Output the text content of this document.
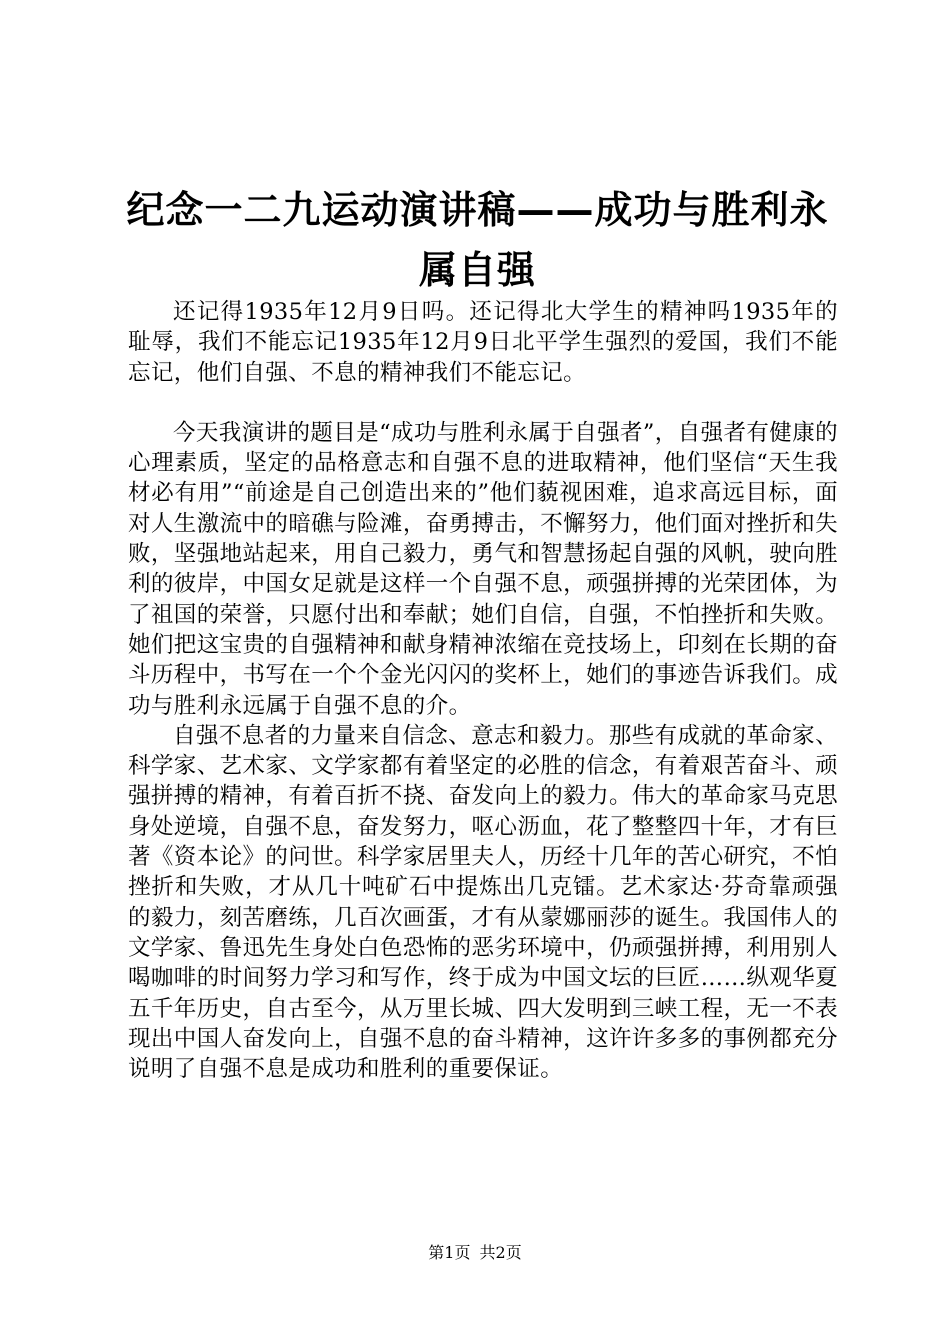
纪念一二九运动演讲稿——成功与胜利永属自强

还记得1935年12月9日吗。还记得北大学生的精神吗1935年的耻辱，我们不能忘记1935年12月9日北平学生强烈的爱国，我们不能忘记，他们自强、不息的精神我们不能忘记。

今天我演讲的题目是“成功与胜利永属于自强者”，自强者有健康的心理素质，坚定的品格意志和自强不息的进取精神，他们坚信“天生我材必有用”“前途是自己创造出来的”他们藐视困难，追求高远目标，面对人生激流中的暗礁与险滩，奋勇搏击，不懈努力，他们面对挫折和失败，坚强地站起来，用自己毅力，勇气和智慧扬起自强的风帆，驶向胜利的彼岸，中国女足就是这样一个自强不息，顽强拼搏的光荣团体，为了祖国的荣誉，只愿付出和奉献；她们自信，自强，不怕挫折和失败。她们把这宝贵的自强精神和献身精神浓缩在竞技场上，印刻在长期的奋斗历程中，书写在一个个金光闪闪的奖杯上，她们的事迹告诉我们。成功与胜利永远属于自强不息的介。

自强不息者的力量来自信念、意志和毅力。那些有成就的革命家、科学家、艺术家、文学家都有着坚定的必胜的信念，有着艰苦奋斗、顽强拼搏的精神，有着百折不挠、奋发向上的毅力。伟大的革命家马克思身处逆境，自强不息，奋发努力，呕心沥血，花了整整四十年，才有巨著《资本论》的问世。科学家居里夫人，历经十几年的苦心研究，不怕挫折和失败，才从几十吨矿石中提炼出几克镭。艺术家达·芬奇靠顽强的毅力，刻苦磨练，几百次画蛋，才有从蒙娜丽莎的诞生。我国伟人的文学家、鲁迅先生身处白色恐怖的恶劣环境中，仍顽强拼搏，利用别人喝咖啡的时间努力学习和写作，终于成为中国文坛的巨匠……纵观华夏五千年历史，自古至今，从万里长城、四大发明到三峡工程，无一不表现出中国人奋发向上，自强不息的奋斗精神，这许许多多的事例都充分说明了自强不息是成功和胜利的重要保证。

第1页 共2页
